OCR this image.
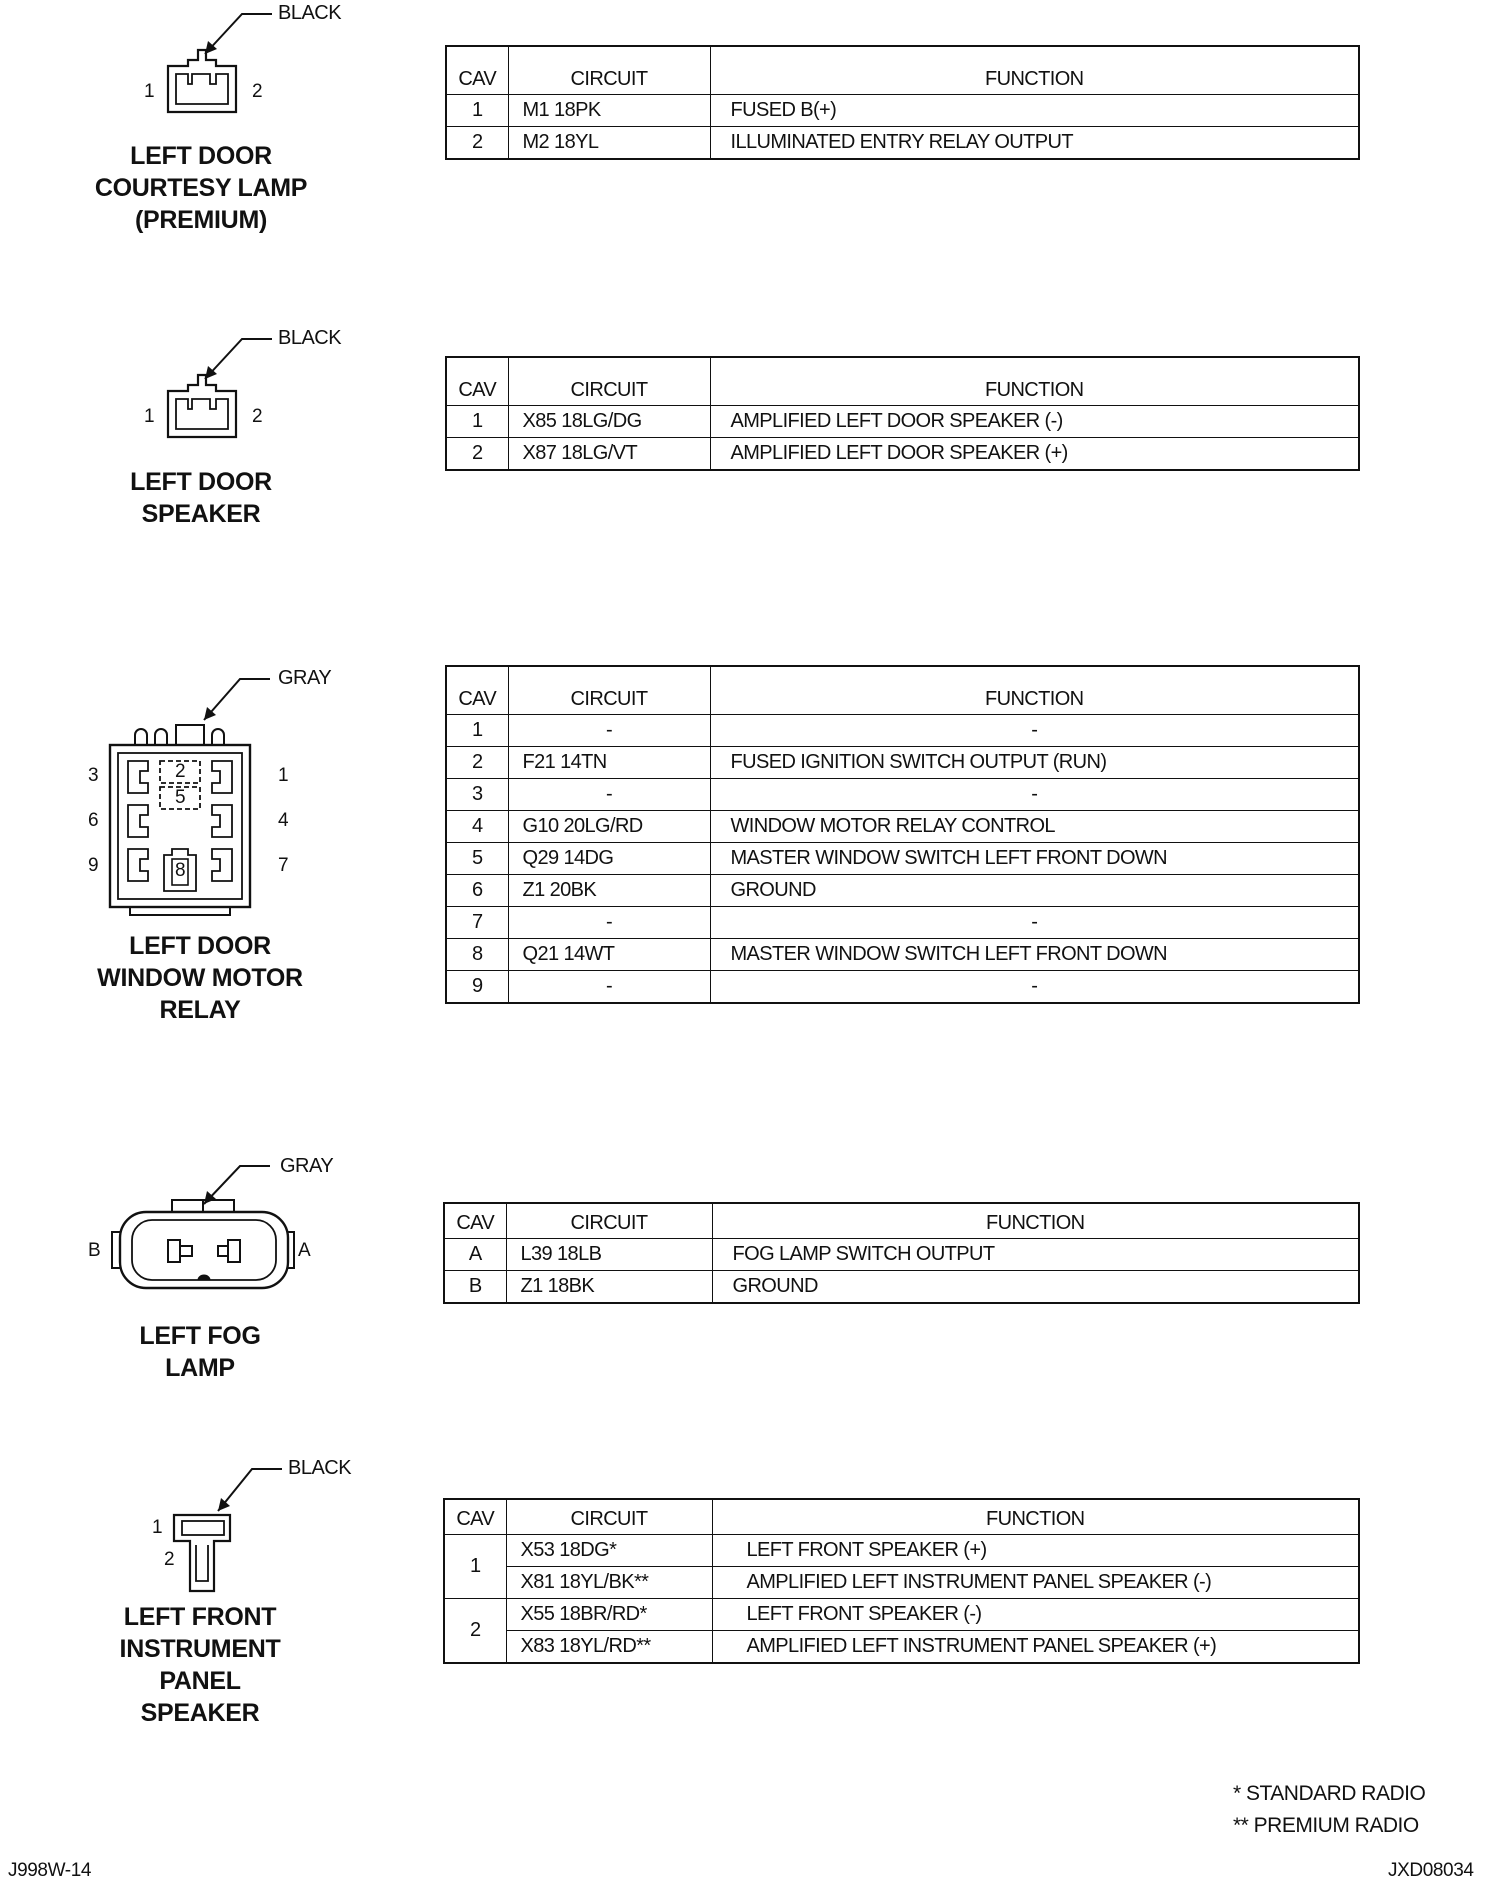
BLACK
1	2
LEFT DOOR
COURTESY LAMP
(PREMIUM)
CAV	CIRCUIT	FUNCTION
1	M1 18PK	FUSED B(+)
2	M2 18YL	ILLUMINATED ENTRY RELAY OUTPUT
BLACK
1	2
LEFT DOOR
SPEAKER
CAV	CIRCUIT	FUNCTION
1	X85 18LG/DG	AMPLIFIED LEFT DOOR SPEAKER (-)
2	X87 18LG/VT	AMPLIFIED LEFT DOOR SPEAKER (+)
GRAY
3	1
6	4
9	7
2
5
8
LEFT DOOR
WINDOW MOTOR
RELAY
CAV	CIRCUIT	FUNCTION
1	-	-
2	F21 14TN	FUSED IGNITION SWITCH OUTPUT (RUN)
3	-	-
4	G10 20LG/RD	WINDOW MOTOR RELAY CONTROL
5	Q29 14DG	MASTER WINDOW SWITCH LEFT FRONT DOWN
6	Z1 20BK	GROUND
7	-	-
8	Q21 14WT	MASTER WINDOW SWITCH LEFT FRONT DOWN
9	-	-
GRAY
B	A
LEFT FOG
LAMP
CAV	CIRCUIT	FUNCTION
A	L39 18LB	FOG LAMP SWITCH OUTPUT
B	Z1 18BK	GROUND
BLACK
1
2
LEFT FRONT
INSTRUMENT
PANEL
SPEAKER
CAV	CIRCUIT	FUNCTION
1	X53 18DG*	LEFT FRONT SPEAKER (+)
	X81 18YL/BK**	AMPLIFIED LEFT INSTRUMENT PANEL SPEAKER (-)
2	X55 18BR/RD*	LEFT FRONT SPEAKER (-)
	X83 18YL/RD**	AMPLIFIED LEFT INSTRUMENT PANEL SPEAKER (+)
* STANDARD RADIO
** PREMIUM RADIO
J998W-14	JXD08034
